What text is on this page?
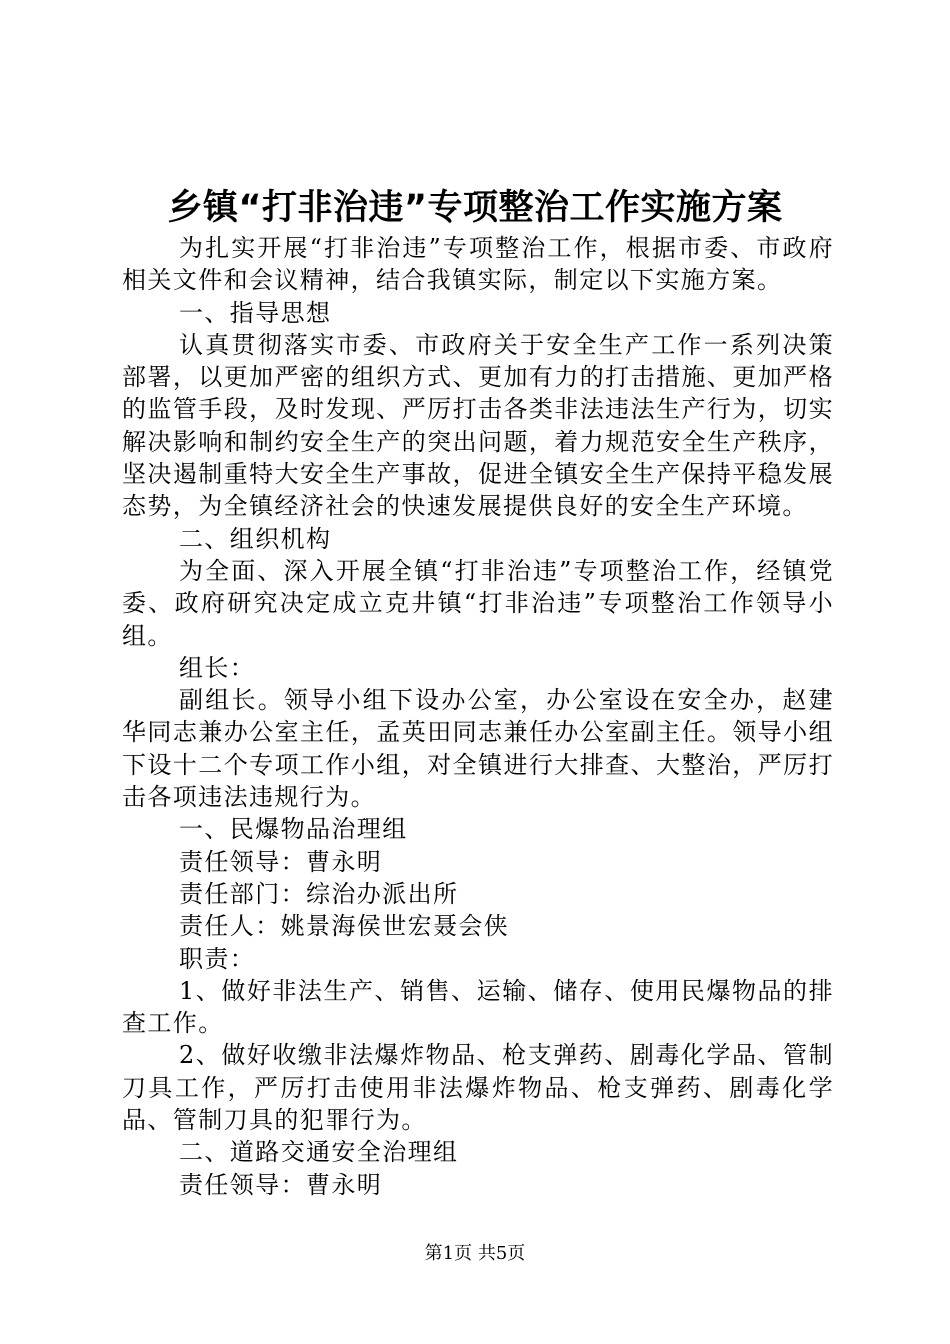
乡镇“打非治违”专项整治工作实施方案

为扎实开展“打非治违”专项整治工作，根据市委、市政府相关文件和会议精神，结合我镇实际，制定以下实施方案。

一、指导思想

认真贯彻落实市委、市政府关于安全生产工作一系列决策部署，以更加严密的组织方式、更加有力的打击措施、更加严格的监管手段，及时发现、严厉打击各类非法违法生产行为，切实解决影响和制约安全生产的突出问题，着力规范安全生产秩序，坚决遏制重特大安全生产事故，促进全镇安全生产保持平稳发展态势，为全镇经济社会的快速发展提供良好的安全生产环境。

二、组织机构

为全面、深入开展全镇“打非治违”专项整治工作，经镇党委、政府研究决定成立克井镇“打非治违”专项整治工作领导小组。

组长：

副组长。领导小组下设办公室，办公室设在安全办，赵建华同志兼办公室主任，孟英田同志兼任办公室副主任。领导小组下设十二个专项工作小组，对全镇进行大排查、大整治，严厉打击各项违法违规行为。

一、民爆物品治理组

责任领导：曹永明

责任部门：综治办派出所

责任人：姚景海侯世宏聂会侠

职责：

1、做好非法生产、销售、运输、储存、使用民爆物品的排查工作。

2、做好收缴非法爆炸物品、枪支弹药、剧毒化学品、管制刀具工作，严厉打击使用非法爆炸物品、枪支弹药、剧毒化学品、管制刀具的犯罪行为。

二、道路交通安全治理组

责任领导：曹永明

第1页 共5页
